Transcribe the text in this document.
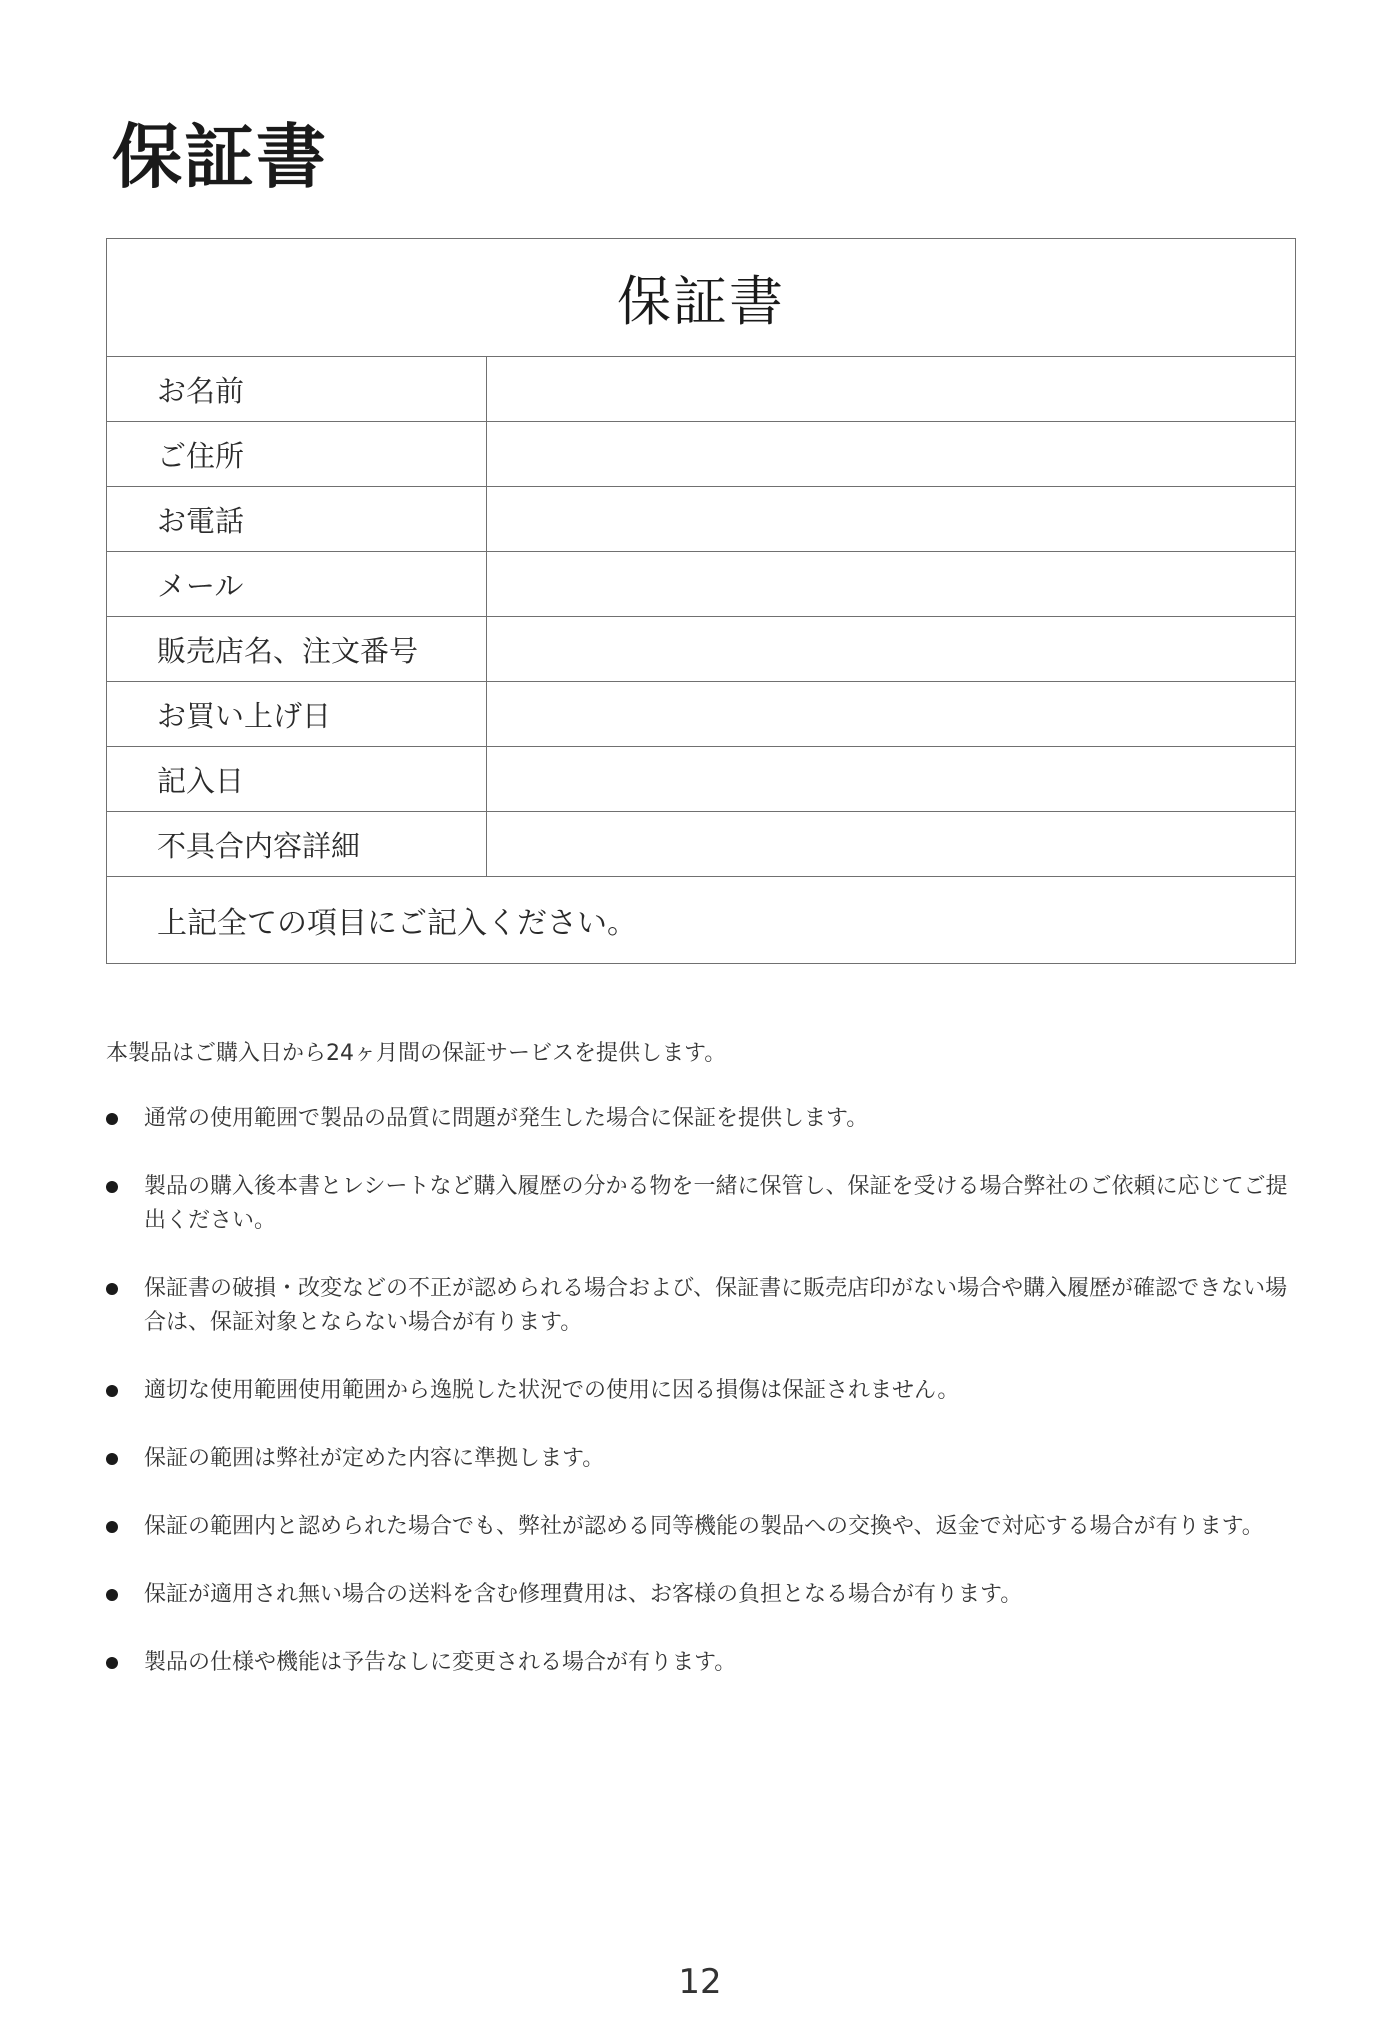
保証書
保証書
お名前
ご住所
お電話
メール
販売店名、注文番号
お買い上げ日
記入日
不具合内容詳細
上記全ての項目にご記入ください。

本製品はご購入日から24ヶ月間の保証サービスを提供します。

通常の使用範囲で製品の品質に問題が発生した場合に保証を提供します。
製品の購入後本書とレシートなど購入履歴の分かる物を一緒に保管し、保証を受ける場合弊社のご依頼に応じてご提出ください。
保証書の破損・改変などの不正が認められる場合および、保証書に販売店印がない場合や購入履歴が確認できない場合は、保証対象とならない場合が有ります。
適切な使用範囲使用範囲から逸脱した状況での使用に因る損傷は保証されません。
保証の範囲は弊社が定めた内容に準拠します。
保証の範囲内と認められた場合でも、弊社が認める同等機能の製品への交換や、返金で対応する場合が有ります。
保証が適用され無い場合の送料を含む修理費用は、お客様の負担となる場合が有ります。
製品の仕様や機能は予告なしに変更される場合が有ります。
12
